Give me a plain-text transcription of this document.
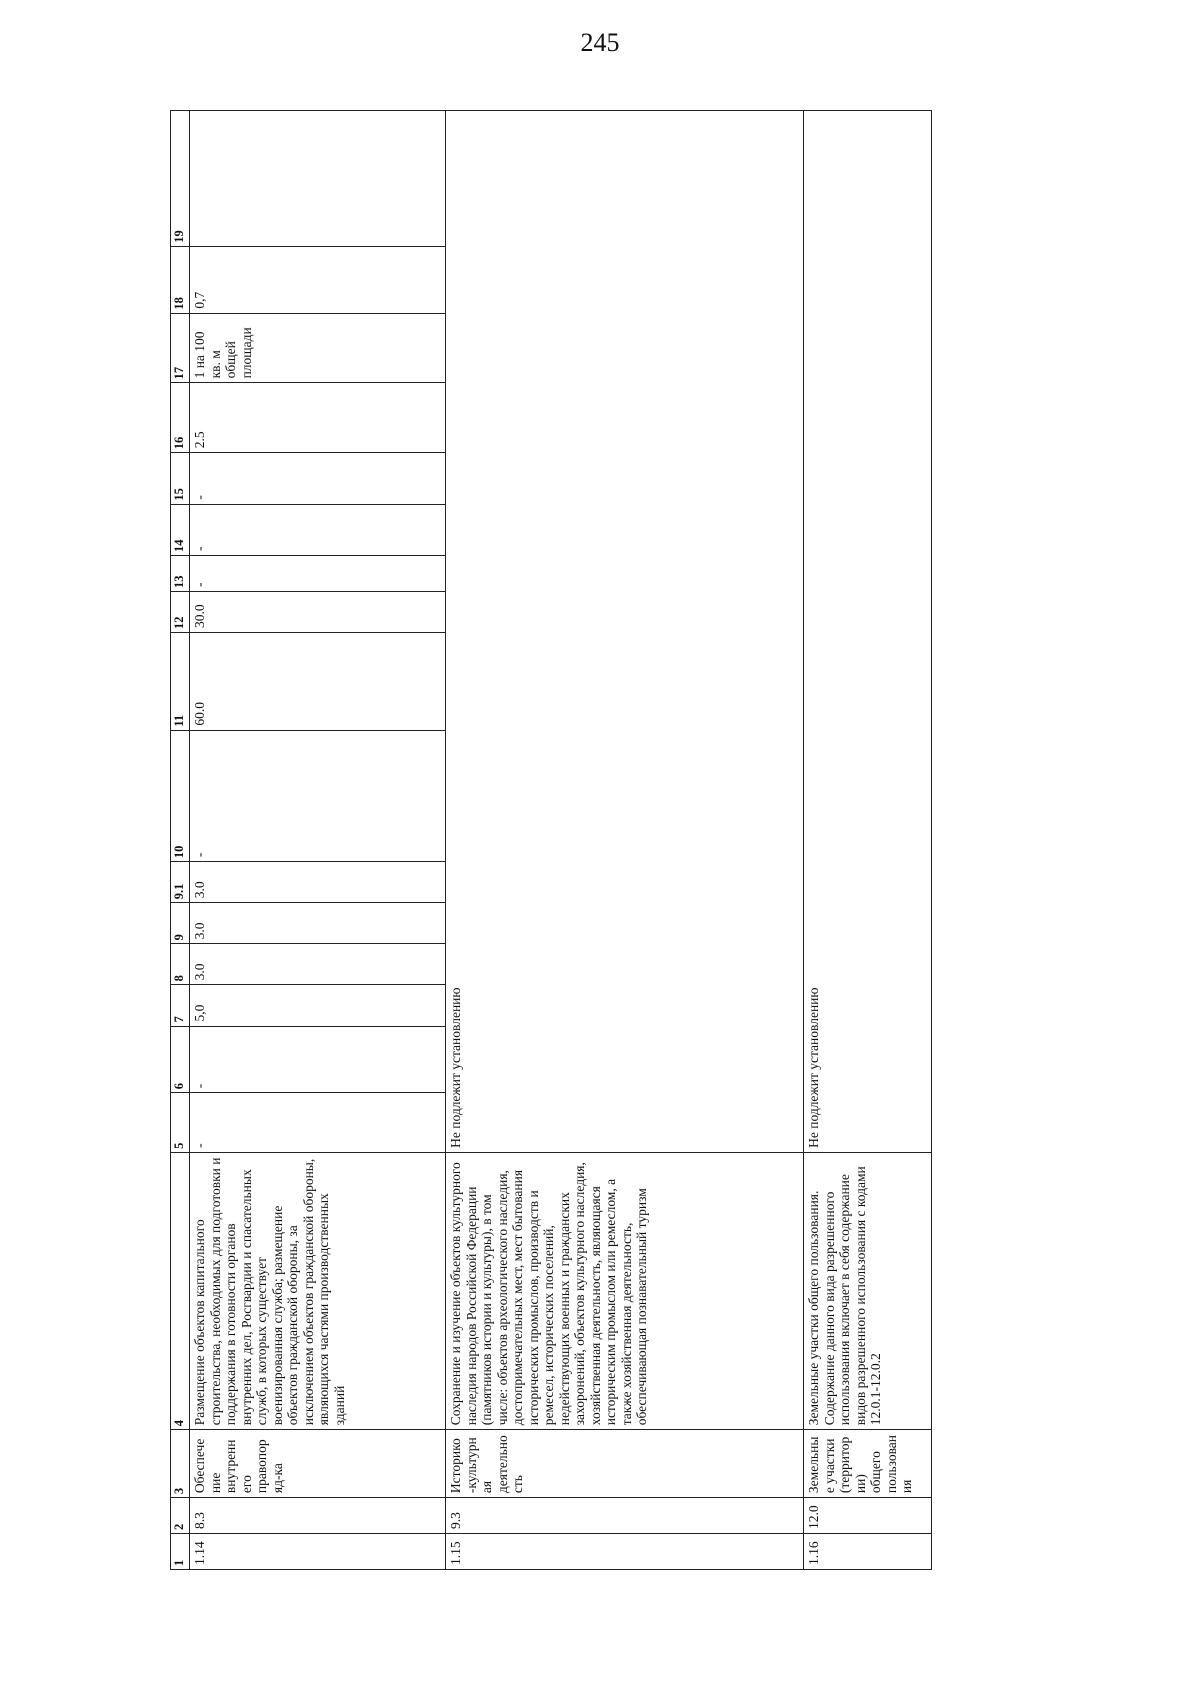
245
1	2	3	4	5	6	7	8	9	9.1	10	11	12	13	14	15	16	17	18	19
1.14	8.3	Обеспечение внутреннего правопоряд-ка	Размещение объектов капитального строительства, необходимых для подготовки и поддержания в готовности органов внутренних дел, Росгвардии и спасательных служб, в которых существует военизированная служба; размещение объектов гражданской обороны, за исключением объектов гражданской обороны, являющихся частями производственных зданий	-	-	5,0	3.0	3.0	3.0	-	60.0	30.0	-	-	-	2.5	1 на 100 кв. м общей площади	0,7	
1.15	9.3	Историко-культурная деятельность	Сохранение и изучение объектов культурного наследия народов Российской Федерации (памятников истории и культуры), в том числе: объектов археологического наследия, достопримечательных мест, мест бытования исторических промыслов, производств и ремесел, исторических поселений, недействующих военных и гражданских захоронений, объектов культурного наследия, хозяйственная деятельность, являющаяся историческим промыслом или ремеслом, а также хозяйственная деятельность, обеспечивающая познавательный туризм	Не подлежит установлению															
1.16	12.0	Земельные участки (территории) общего пользования	Земельные участки общего пользования. Содержание данного вида разрешенного использования включает в себя содержание видов разрешенного использования с кодами 12.0.1-12.0.2	Не подлежит установлению															
